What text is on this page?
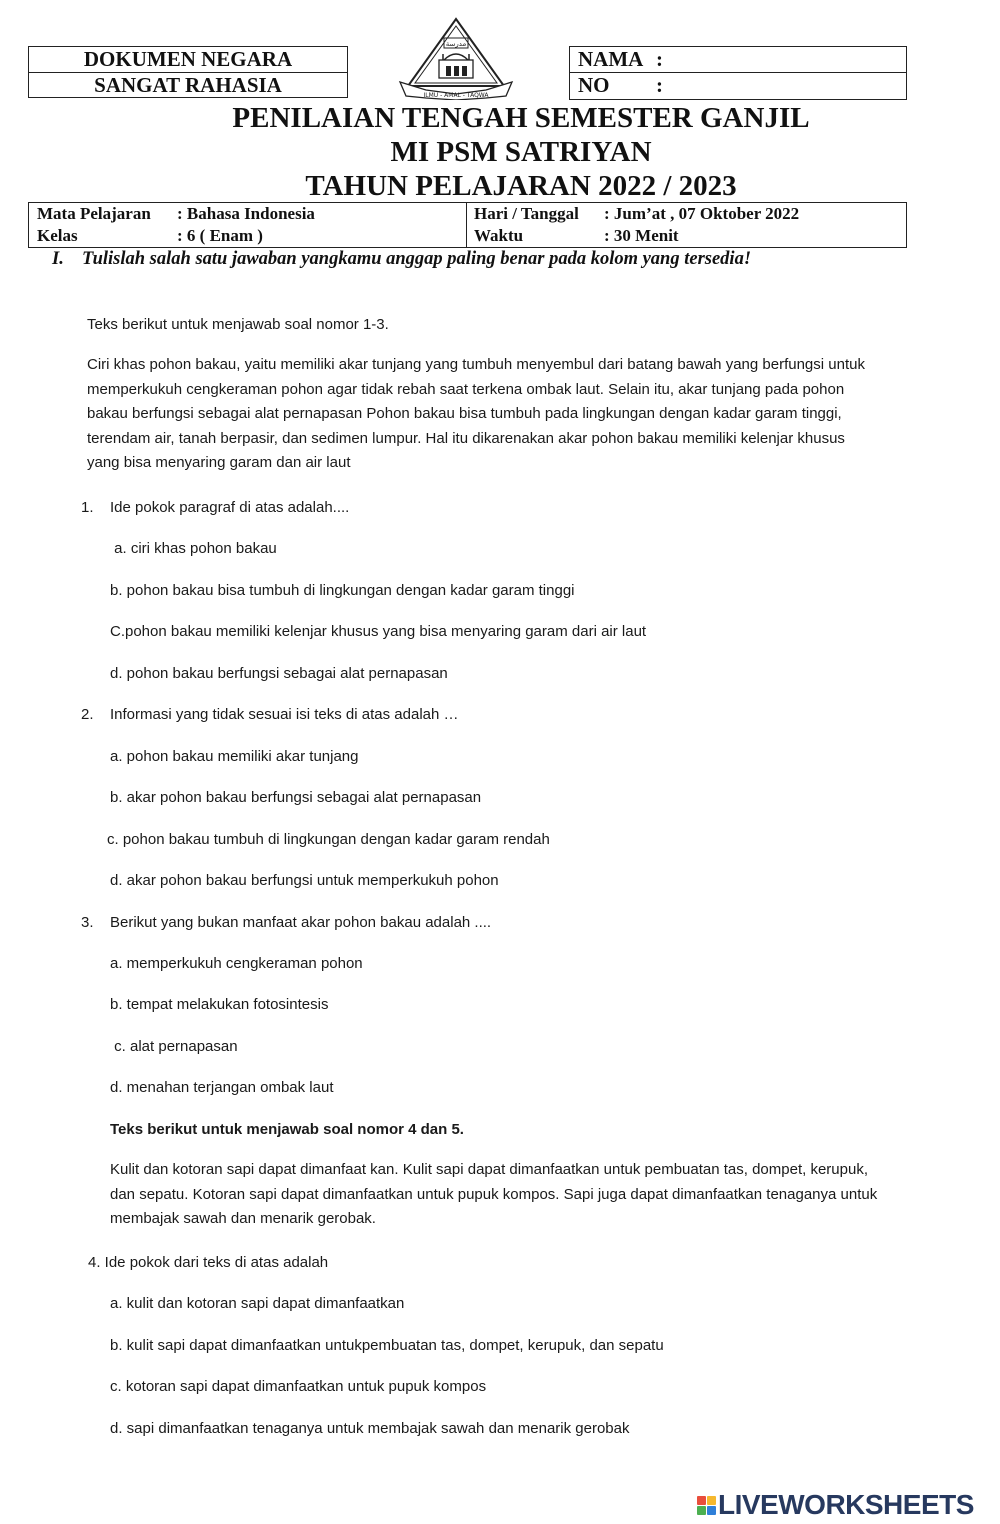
DOKUMEN NEGARA
SANGAT RAHASIA
مدرسة
ILMU - AMAL - TAQWA
NAMA :
NO :
PENILAIAN TENGAH SEMESTER GANJIL
MI PSM SATRIYAN
TAHUN PELAJARAN 2022 / 2023
Mata Pelajaran : Bahasa Indonesia
Kelas	: 6 ( Enam )
Hari / Tanggal : Jum’at , 07 Oktober 2022
Waktu	: 30 Menit
I. Tulislah salah satu jawaban yangkamu anggap paling benar pada kolom yang tersedia!
Teks berikut untuk menjawab soal nomor 1-3.
Ciri khas pohon bakau, yaitu memiliki akar tunjang yang tumbuh menyembul dari batang bawah yang berfungsi untuk
memperkukuh cengkeraman pohon agar tidak rebah saat terkena ombak laut. Selain itu, akar tunjang pada pohon
bakau berfungsi sebagai alat pernapasan Pohon bakau bisa tumbuh pada lingkungan dengan kadar garam tinggi,
terendam air, tanah berpasir, dan sedimen lumpur. Hal itu dikarenakan akar pohon bakau memiliki kelenjar khusus
yang bisa menyaring garam dan air laut
1. Ide pokok paragraf di atas adalah....
a. ciri khas pohon bakau
b. pohon bakau bisa tumbuh di lingkungan dengan kadar garam tinggi
C.pohon bakau memiliki kelenjar khusus yang bisa menyaring garam dari air laut
d. pohon bakau berfungsi sebagai alat pernapasan
2. Informasi yang tidak sesuai isi teks di atas adalah …
a. pohon bakau memiliki akar tunjang
b. akar pohon bakau berfungsi sebagai alat pernapasan
c. pohon bakau tumbuh di lingkungan dengan kadar garam rendah
d. akar pohon bakau berfungsi untuk memperkukuh pohon
3. Berikut yang bukan manfaat akar pohon bakau adalah ....
a. memperkukuh cengkeraman pohon
b. tempat melakukan fotosintesis
c. alat pernapasan
d. menahan terjangan ombak laut
Teks berikut untuk menjawab soal nomor 4 dan 5.
Kulit dan kotoran sapi dapat dimanfaat kan. Kulit sapi dapat dimanfaatkan untuk pembuatan tas, dompet, kerupuk,
dan sepatu. Kotoran sapi dapat dimanfaatkan untuk pupuk kompos. Sapi juga dapat dimanfaatkan tenaganya untuk
membajak sawah dan menarik gerobak.
4. Ide pokok dari teks di atas adalah
a. kulit dan kotoran sapi dapat dimanfaatkan
b. kulit sapi dapat dimanfaatkan untukpembuatan tas, dompet, kerupuk, dan sepatu
c. kotoran sapi dapat dimanfaatkan untuk pupuk kompos
d. sapi dimanfaatkan tenaganya untuk membajak sawah dan menarik gerobak
LIVEWORKSHEETS
